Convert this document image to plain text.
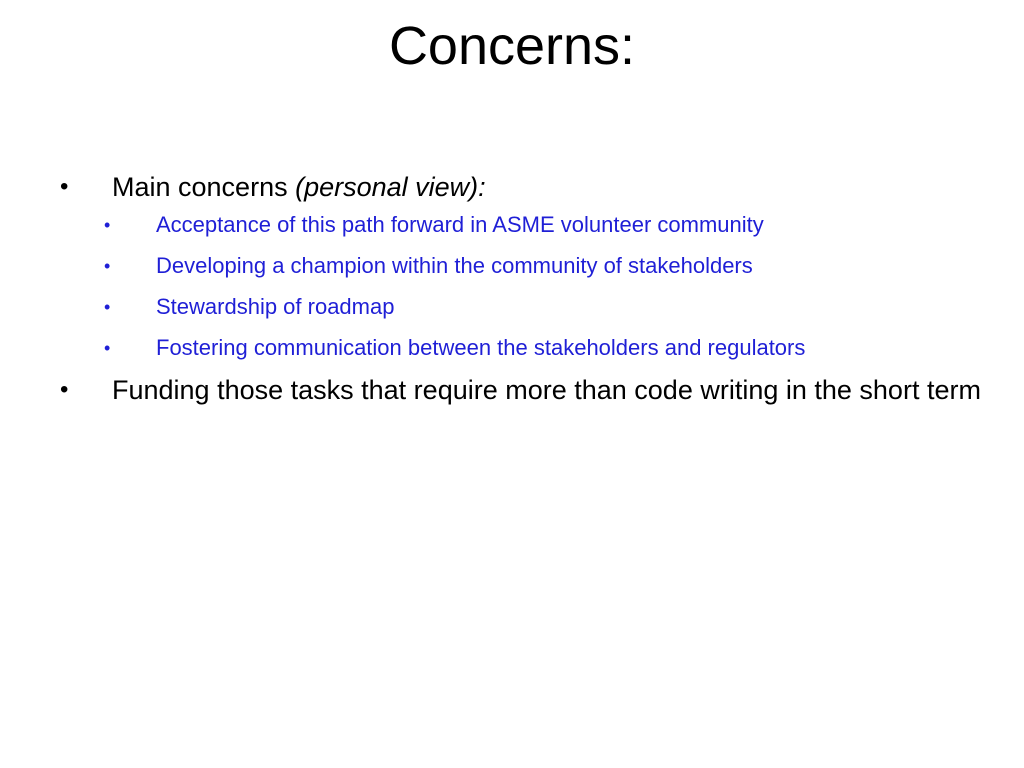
Concerns:
• Main concerns (personal view):
• Acceptance of this path forward in ASME volunteer community
• Developing a champion within the community of stakeholders
• Stewardship of roadmap
• Fostering communication between the stakeholders and regulators
• Funding those tasks that require more than code writing in the short term
